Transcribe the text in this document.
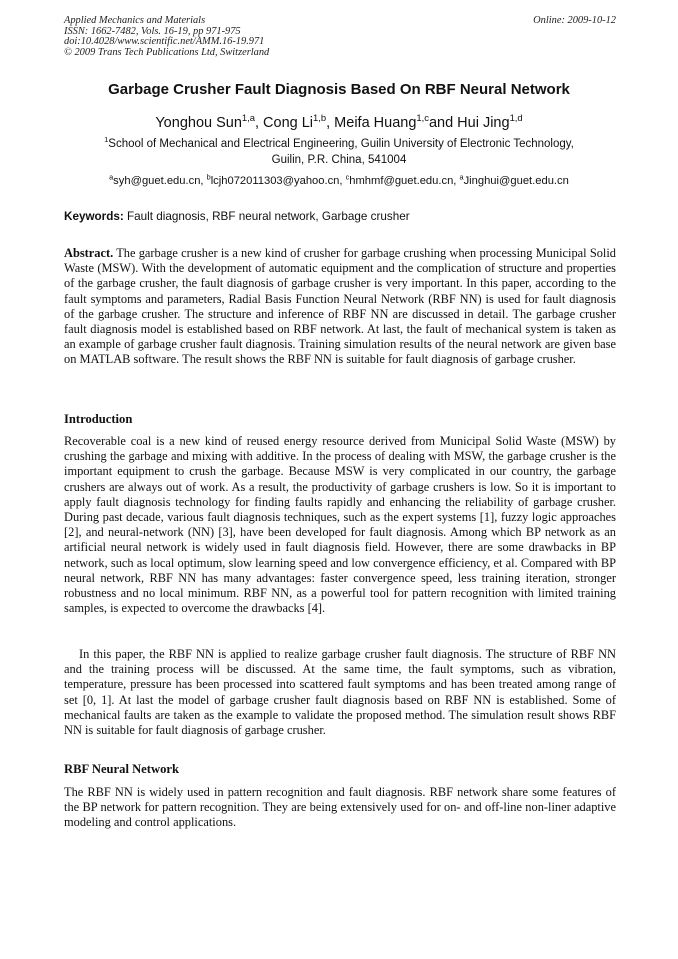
Applied Mechanics and Materials
ISSN: 1662-7482, Vols. 16-19, pp 971-975
doi:10.4028/www.scientific.net/AMM.16-19.971
© 2009 Trans Tech Publications Ltd, Switzerland
Online: 2009-10-12
Garbage Crusher Fault Diagnosis Based On RBF Neural Network
Yonghou Sun$^{1,a}$, Cong Li$^{1,b}$, Meifa Huang$^{1,c}$and Hui Jing$^{1,d}$
$^1$School of Mechanical and Electrical Engineering, Guilin University of Electronic Technology,
Guilin, P.R. China, 541004
$^a$syh@guet.edu.cn, $^b$lcjh072011303@yahoo.cn, $^c$hmhmf@guet.edu.cn, $^a$Jinghui@guet.edu.cn
Keywords: Fault diagnosis, RBF neural network, Garbage crusher
Abstract. The garbage crusher is a new kind of crusher for garbage crushing when processing Municipal Solid Waste (MSW). With the development of automatic equipment and the complication of structure and properties of the garbage crusher, the fault diagnosis of garbage crusher is very important. In this paper, according to the fault symptoms and parameters, Radial Basis Function Neural Network (RBF NN) is used for fault diagnosis of the garbage crusher. The structure and inference of RBF NN are discussed in detail. The garbage crusher fault diagnosis model is established based on RBF network. At last, the fault of mechanical system is taken as an example of garbage crusher fault diagnosis. Training simulation results of the neural network are given base on MATLAB software. The result shows the RBF NN is suitable for fault diagnosis of garbage crusher.
Introduction
Recoverable coal is a new kind of reused energy resource derived from Municipal Solid Waste (MSW) by crushing the garbage and mixing with additive. In the process of dealing with MSW, the garbage crusher is the important equipment to crush the garbage. Because MSW is very complicated in our country, the garbage crushers are always out of work. As a result, the productivity of garbage crushers is low. So it is important to apply fault diagnosis technology for finding faults rapidly and enhancing the reliability of garbage crusher. During past decade, various fault diagnosis techniques, such as the expert systems [1], fuzzy logic approaches [2], and neural-network (NN) [3], have been developed for fault diagnosis. Among which BP network as an artificial neural network is widely used in fault diagnosis field. However, there are some drawbacks in BP network, such as local optimum, slow learning speed and low convergence efficiency, et al. Compared with BP neural network, RBF NN has many advantages: faster convergence speed, less training iteration, stronger robustness and no local minimum. RBF NN, as a powerful tool for pattern recognition with limited training samples, is expected to overcome the drawbacks [4].
In this paper, the RBF NN is applied to realize garbage crusher fault diagnosis. The structure of RBF NN and the training process will be discussed. At the same time, the fault symptoms, such as vibration, temperature, pressure has been processed into scattered fault symptoms and has been treated among range of set [0, 1]. At last the model of garbage crusher fault diagnosis based on RBF NN is established. Some of mechanical faults are taken as the example to validate the proposed method. The simulation result shows RBF NN is suitable for fault diagnosis of garbage crusher.
RBF Neural Network
The RBF NN is widely used in pattern recognition and fault diagnosis. RBF network share some features of the BP network for pattern recognition. They are being extensively used for on- and off-line non-liner adaptive modeling and control applications.
